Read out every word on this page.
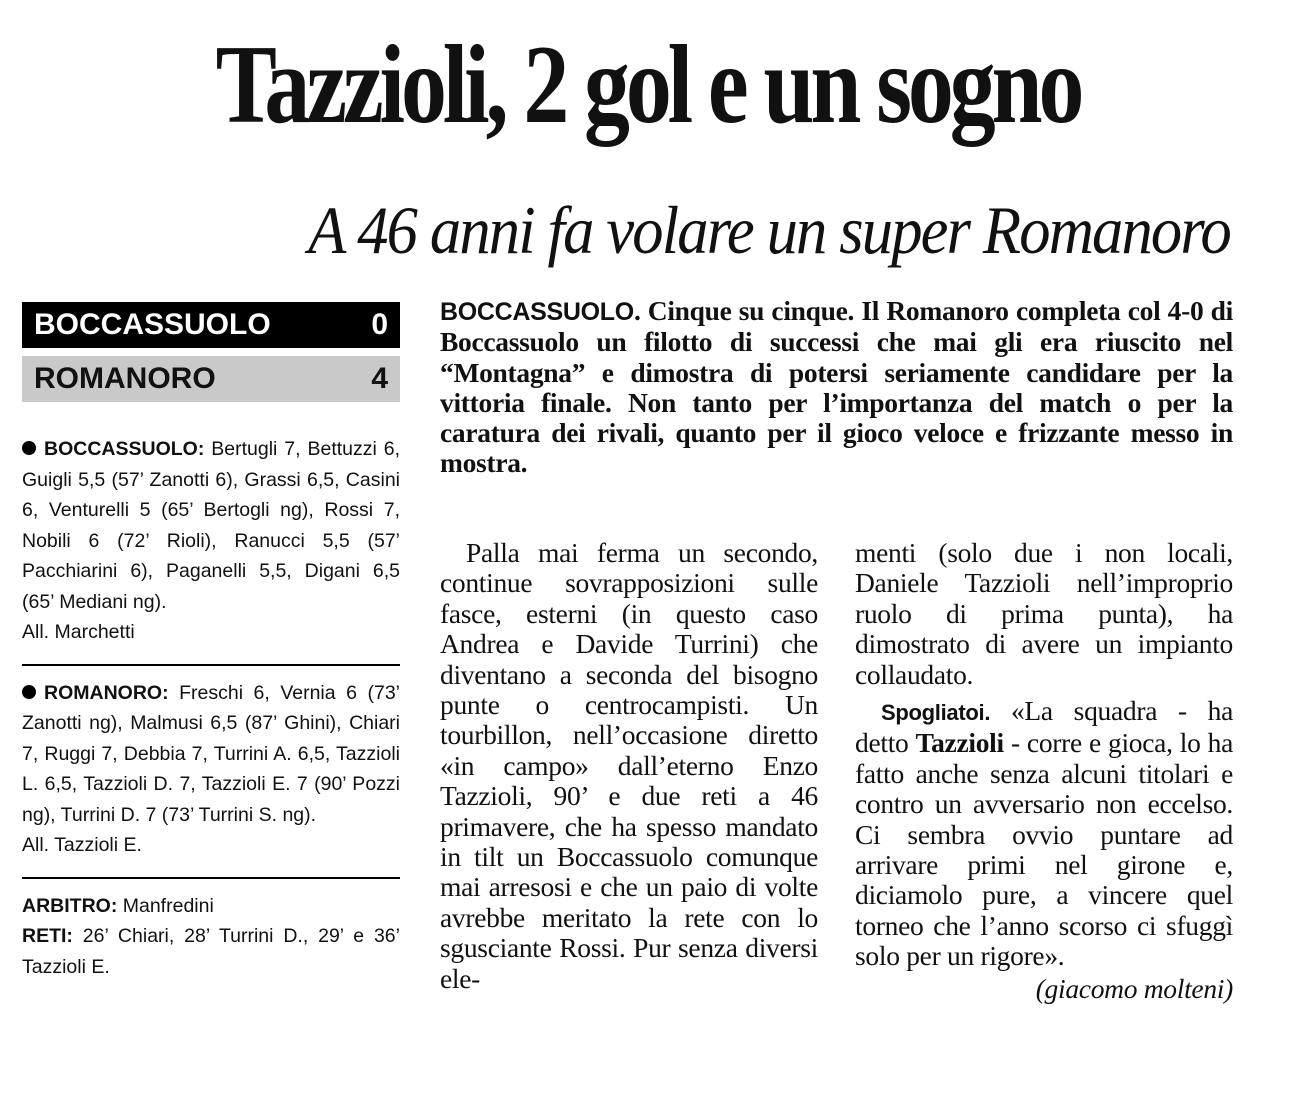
Tazzioli, 2 gol e un sogno
A 46 anni fa volare un super Romanoro
BOCCASSUOLO	0
ROMANORO	4

BOCCASSUOLO: Bertugli 7, Bettuzzi 6, Guigli 5,5 (57’ Zanotti 6), Grassi 6,5, Casini 6, Venturelli 5 (65’ Bertogli ng), Rossi 7, Nobili 6 (72’ Rioli), Ranucci 5,5 (57’ Pacchiarini 6), Paganelli 5,5, Digani 6,5 (65’ Mediani ng).

All. Marchetti

ROMANORO: Freschi 6, Vernia 6 (73’ Zanotti ng), Malmusi 6,5 (87’ Ghini), Chiari 7, Ruggi 7, Debbia 7, Turrini A. 6,5, Tazzioli L. 6,5, Tazzioli D. 7, Tazzioli E. 7 (90’ Pozzi ng), Turrini D. 7 (73’ Turrini S. ng).

All. Tazzioli E.

ARBITRO: Manfredini

RETI: 26’ Chiari, 28’ Turrini D., 29’ e 36’ Tazzioli E.

BOCCASSUOLO. Cinque su cinque. Il Romanoro completa col 4-0 di Boccassuolo un filotto di successi che mai gli era riuscito nel “Montagna” e dimostra di potersi seriamente candidare per la vittoria finale. Non tanto per l’importanza del match o per la caratura dei rivali, quanto per il gioco veloce e frizzante messo in mostra.
Palla mai ferma un secondo, continue sovrapposizioni sulle fasce, esterni (in questo caso Andrea e Davide Turrini) che diventano a seconda del bisogno punte o centrocampisti. Un tourbillon, nell’occasione diretto «in campo» dall’eterno Enzo Tazzioli, 90’ e due reti a 46 primavere, che ha spesso mandato in tilt un Boccassuolo comunque mai arresosi e che un paio di volte avrebbe meritato la rete con lo sgusciante Rossi. Pur senza diversi ele-

menti (solo due i non locali, Daniele Tazzioli nell’improprio ruolo di prima punta), ha dimostrato di avere un impianto collaudato.

Spogliatoi. «La squadra - ha detto Tazzioli - corre e gioca, lo ha fatto anche senza alcuni titolari e contro un avversario non eccelso. Ci sembra ovvio puntare ad arrivare primi nel girone e, diciamolo pure, a vincere quel torneo che l’anno scorso ci sfuggì solo per un rigore».

(giacomo molteni)
